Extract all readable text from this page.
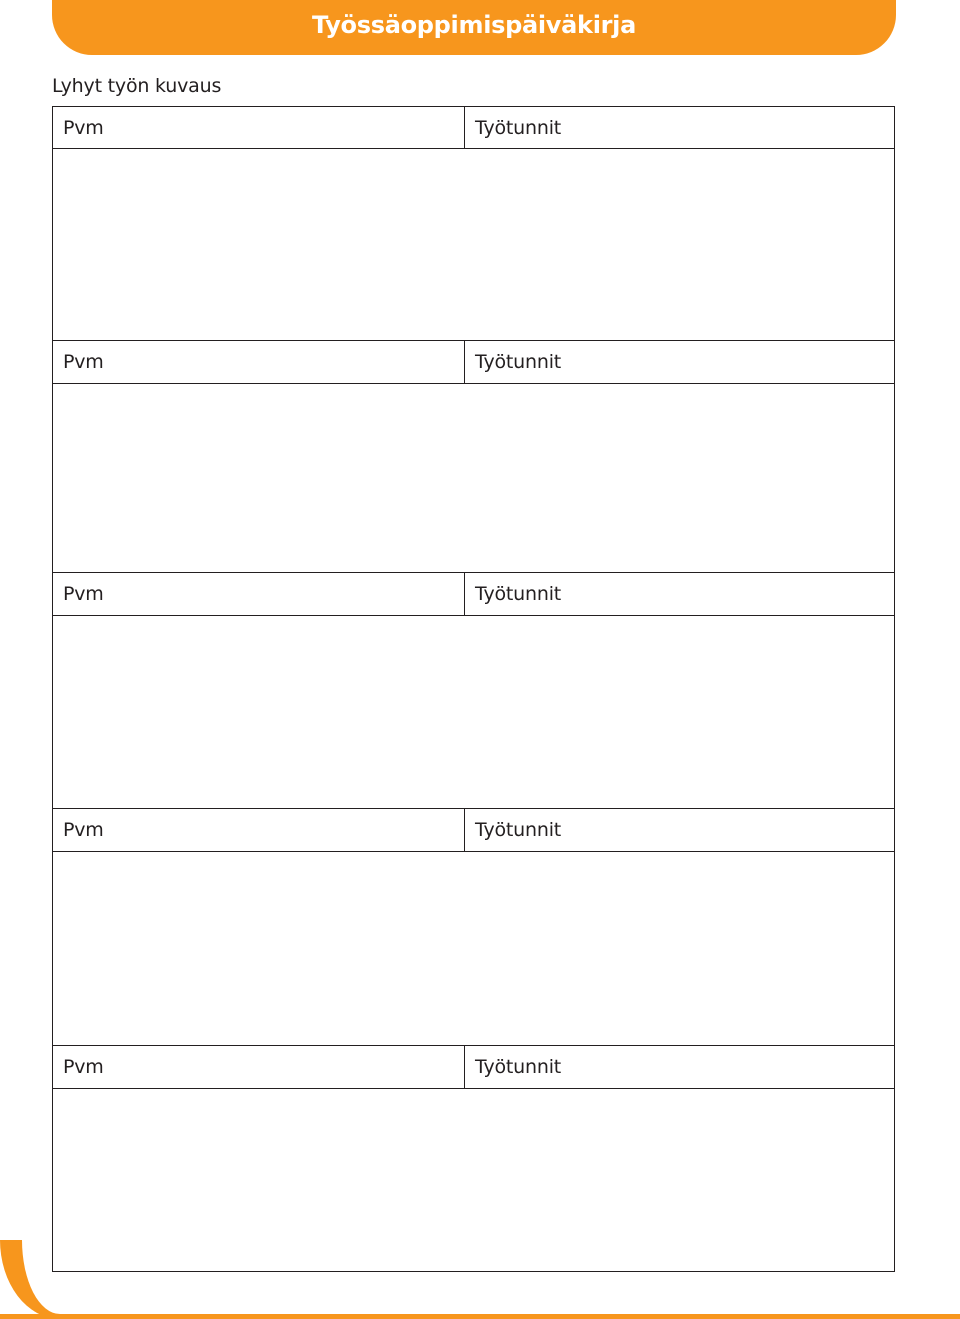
Työssäoppimispäiväkirja
Lyhyt työn kuvaus
Pvm	Työtunnit
Pvm	Työtunnit
Pvm	Työtunnit
Pvm	Työtunnit
Pvm	Työtunnit
